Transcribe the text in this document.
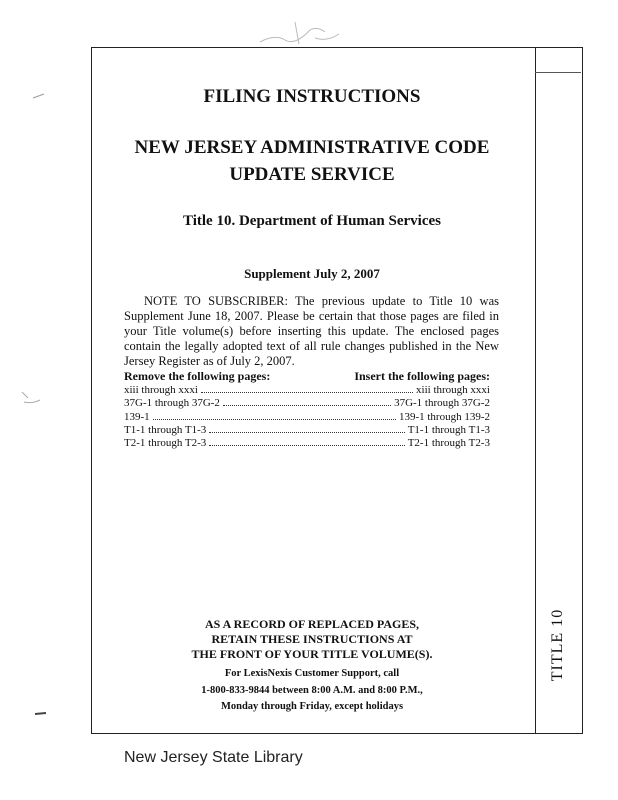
TITLE 10
FILING INSTRUCTIONS
NEW JERSEY ADMINISTRATIVE CODE
UPDATE SERVICE
Title 10. Department of Human Services
Supplement July 2, 2007
NOTE TO SUBSCRIBER: The previous update to Title 10 was Supplement June 18, 2007. Please be certain that those pages are filed in your Title volume(s) before inserting this update. The enclosed pages contain the legally adopted text of all rule changes published in the New Jersey Register as of July 2, 2007.
Remove the following pages:	Insert the following pages:
xiii through xxxi	xiii through xxxi
37G-1 through 37G-2	37G-1 through 37G-2
139-1	139-1 through 139-2
T1-1 through T1-3	T1-1 through T1-3
T2-1 through T2-3	T2-1 through T2-3
AS A RECORD OF REPLACED PAGES,
RETAIN THESE INSTRUCTIONS AT
THE FRONT OF YOUR TITLE VOLUME(S).
For LexisNexis Customer Support, call
1-800-833-9844 between 8:00 A.M. and 8:00 P.M.,
Monday through Friday, except holidays
New Jersey State Library
